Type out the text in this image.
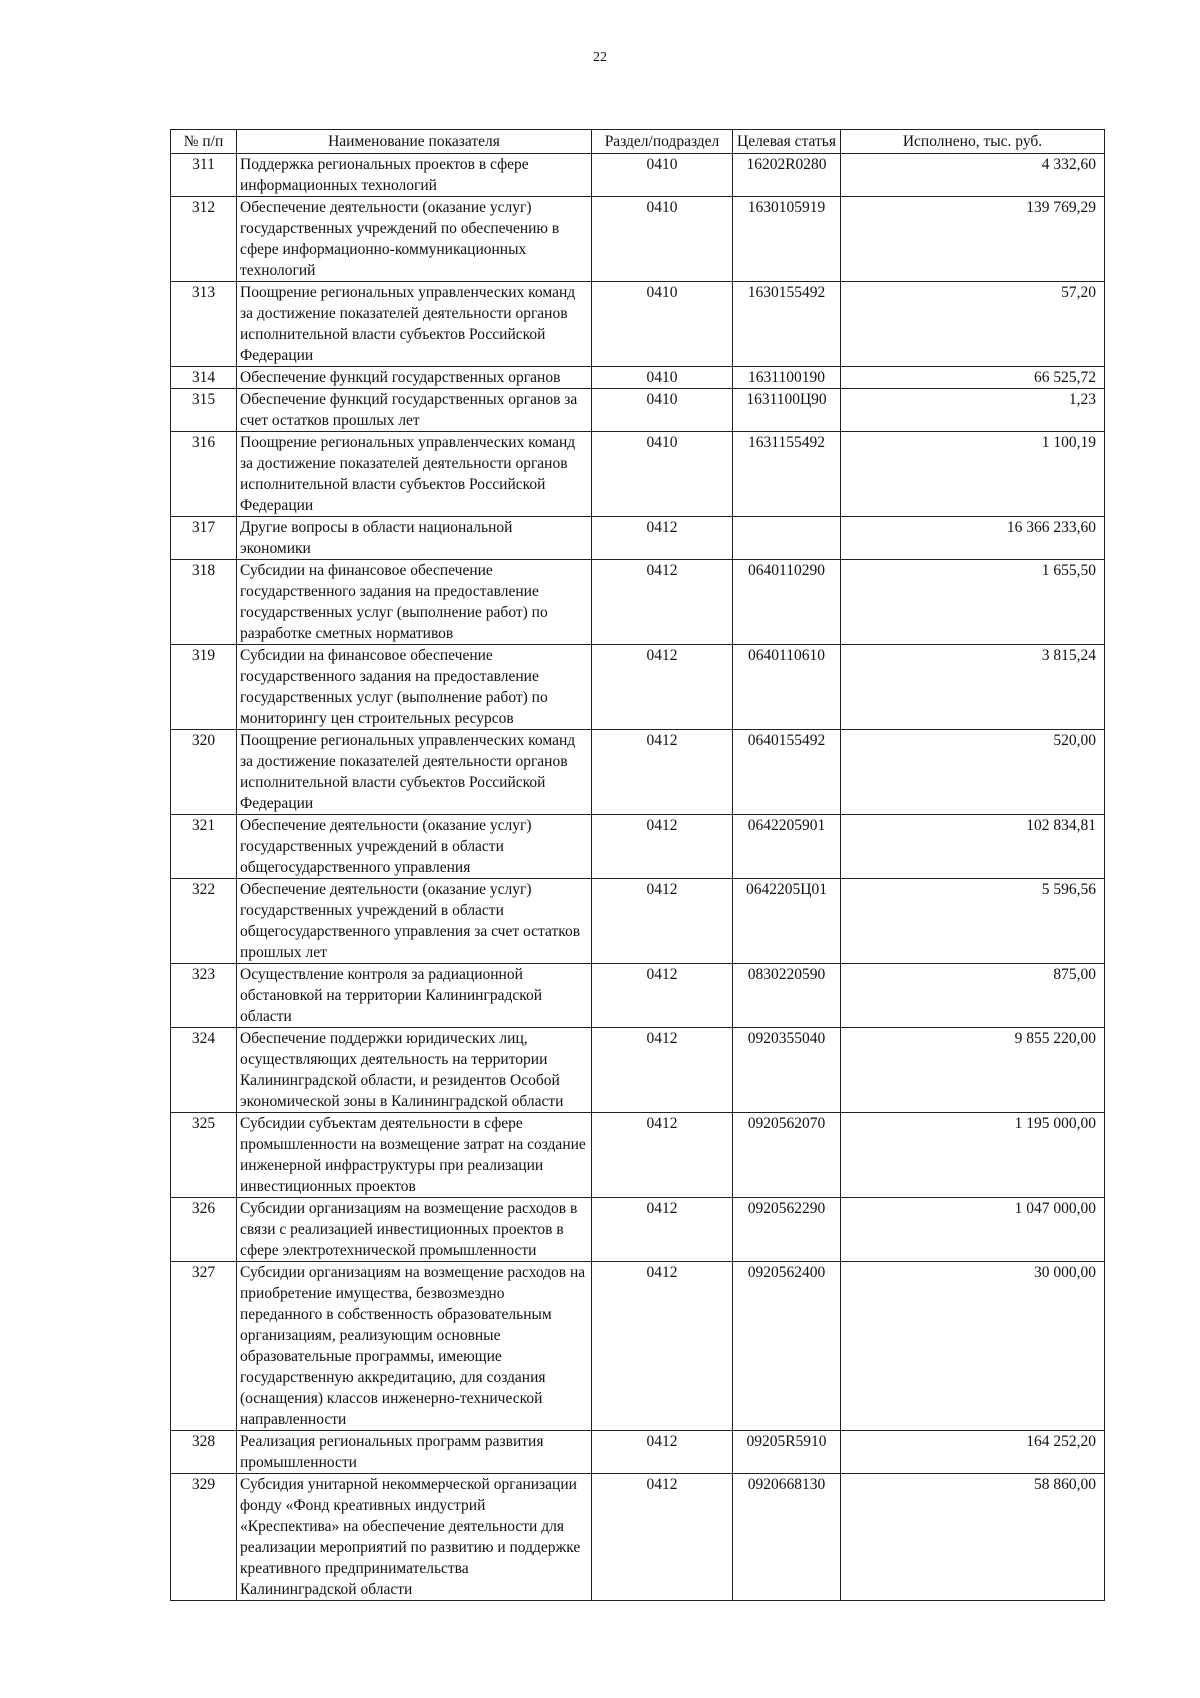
22
№ п/п	Наименование показателя	Раздел/подраздел	Целевая статья	Исполнено, тыс. руб.
311	Поддержка региональных проектов в сфере информационных технологий	0410	16202R0280	4 332,60
312	Обеспечение деятельности (оказание услуг) государственных учреждений по обеспечению в сфере информационно-коммуникационных технологий	0410	1630105919	139 769,29
313	Поощрение региональных управленческих команд за достижение показателей деятельности органов исполнительной власти субъектов Российской Федерации	0410	1630155492	57,20
314	Обеспечение функций государственных органов	0410	1631100190	66 525,72
315	Обеспечение функций государственных органов за счет остатков прошлых лет	0410	1631100Ц90	1,23
316	Поощрение региональных управленческих команд за достижение показателей деятельности органов исполнительной власти субъектов Российской Федерации	0410	1631155492	1 100,19
317	Другие вопросы в области национальной экономики	0412		16 366 233,60
318	Субсидии на финансовое обеспечение государственного задания на предоставление государственных услуг (выполнение работ) по разработке сметных нормативов	0412	0640110290	1 655,50
319	Субсидии на финансовое обеспечение государственного задания на предоставление государственных услуг (выполнение работ) по мониторингу цен строительных ресурсов	0412	0640110610	3 815,24
320	Поощрение региональных управленческих команд за достижение показателей деятельности органов исполнительной власти субъектов Российской Федерации	0412	0640155492	520,00
321	Обеспечение деятельности (оказание услуг) государственных учреждений в области общегосударственного управления	0412	0642205901	102 834,81
322	Обеспечение деятельности (оказание услуг) государственных учреждений в области общегосударственного управления за счет остатков прошлых лет	0412	0642205Ц01	5 596,56
323	Осуществление контроля за радиационной обстановкой на территории Калининградской области	0412	0830220590	875,00
324	Обеспечение поддержки юридических лиц, осуществляющих деятельность на территории Калининградской области, и резидентов Особой экономической зоны в Калининградской области	0412	0920355040	9 855 220,00
325	Субсидии субъектам деятельности в сфере промышленности на возмещение затрат на создание инженерной инфраструктуры при реализации инвестиционных проектов	0412	0920562070	1 195 000,00
326	Субсидии организациям на возмещение расходов в связи с реализацией инвестиционных проектов в сфере электротехнической промышленности	0412	0920562290	1 047 000,00
327	Субсидии организациям на возмещение расходов на приобретение имущества, безвозмездно переданного в собственность образовательным организациям, реализующим основные образовательные программы, имеющие государственную аккредитацию, для создания (оснащения) классов инженерно-технической направленности	0412	0920562400	30 000,00
328	Реализация региональных программ развития промышленности	0412	09205R5910	164 252,20
329	Субсидия унитарной некоммерческой организации фонду «Фонд креативных индустрий «Креспектива» на обеспечение деятельности для реализации мероприятий по развитию и поддержке креативного предпринимательства Калининградской области	0412	0920668130	58 860,00
